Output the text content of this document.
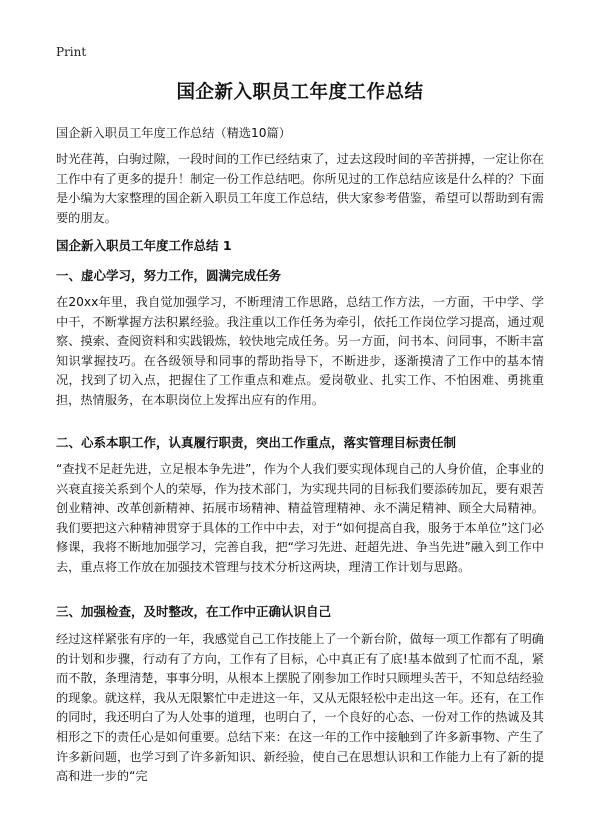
Print
国企新入职员工年度工作总结
国企新入职员工年度工作总结（精选10篇）

时光荏苒，白驹过隙，一段时间的工作已经结束了，过去这段时间的辛苦拼搏，一定让你在工作中有了更多的提升！制定一份工作总结吧。你所见过的工作总结应该是什么样的？下面是小编为大家整理的国企新入职员工年度工作总结，供大家参考借鉴，希望可以帮助到有需要的朋友。

国企新入职员工年度工作总结 1
一、虚心学习，努力工作，圆满完成任务

在20xx年里，我自觉加强学习，不断理清工作思路，总结工作方法，一方面，干中学、学中干，不断掌握方法积累经验。我注重以工作任务为牵引，依托工作岗位学习提高，通过观察、摸索、查阅资料和实践锻炼，较快地完成任务。另一方面，问书本、问同事，不断丰富知识掌握技巧。在各级领导和同事的帮助指导下，不断进步，逐渐摸清了工作中的基本情况，找到了切入点，把握住了工作重点和难点。爱岗敬业、扎实工作、不怕困难、勇挑重担，热情服务，在本职岗位上发挥出应有的作用。

二、心系本职工作，认真履行职责，突出工作重点，落实管理目标责任制

“查找不足赶先进，立足根本争先进”，作为个人我们要实现体现自己的人身价值，企事业的兴衰直接关系到个人的荣辱，作为技术部门，为实现共同的目标我们要添砖加瓦，要有艰苦创业精神、改革创新精神、拓展市场精神、精益管理精神、永不满足精神、顾全大局精神。我们要把这六种精神贯穿于具体的工作中中去，对于“如何提高自我，服务于本单位”这门必修课，我将不断地加强学习，完善自我，把“学习先进、赶超先进、争当先进”融入到工作中去，重点将工作放在加强技术管理与技术分析这两块，理清工作计划与思路。

三、加强检查，及时整改，在工作中正确认识自己

经过这样紧张有序的一年，我感觉自己工作技能上了一个新台阶，做每一项工作都有了明确的计划和步骤，行动有了方向，工作有了目标，心中真正有了底!基本做到了忙而不乱，紧而不散，条理清楚，事事分明，从根本上摆脱了刚参加工作时只顾埋头苦干，不知总结经验的现象。就这样，我从无限繁忙中走进这一年，又从无限轻松中走出这一年。还有，在工作的同时，我还明白了为人处事的道理，也明白了，一个良好的心态、一份对工作的热诚及其相形之下的责任心是如何重要。总结下来：在这一年的工作中接触到了许多新事物、产生了许多新问题，也学习到了许多新知识、新经验，使自己在思想认识和工作能力上有了新的提高和进一步的“完
